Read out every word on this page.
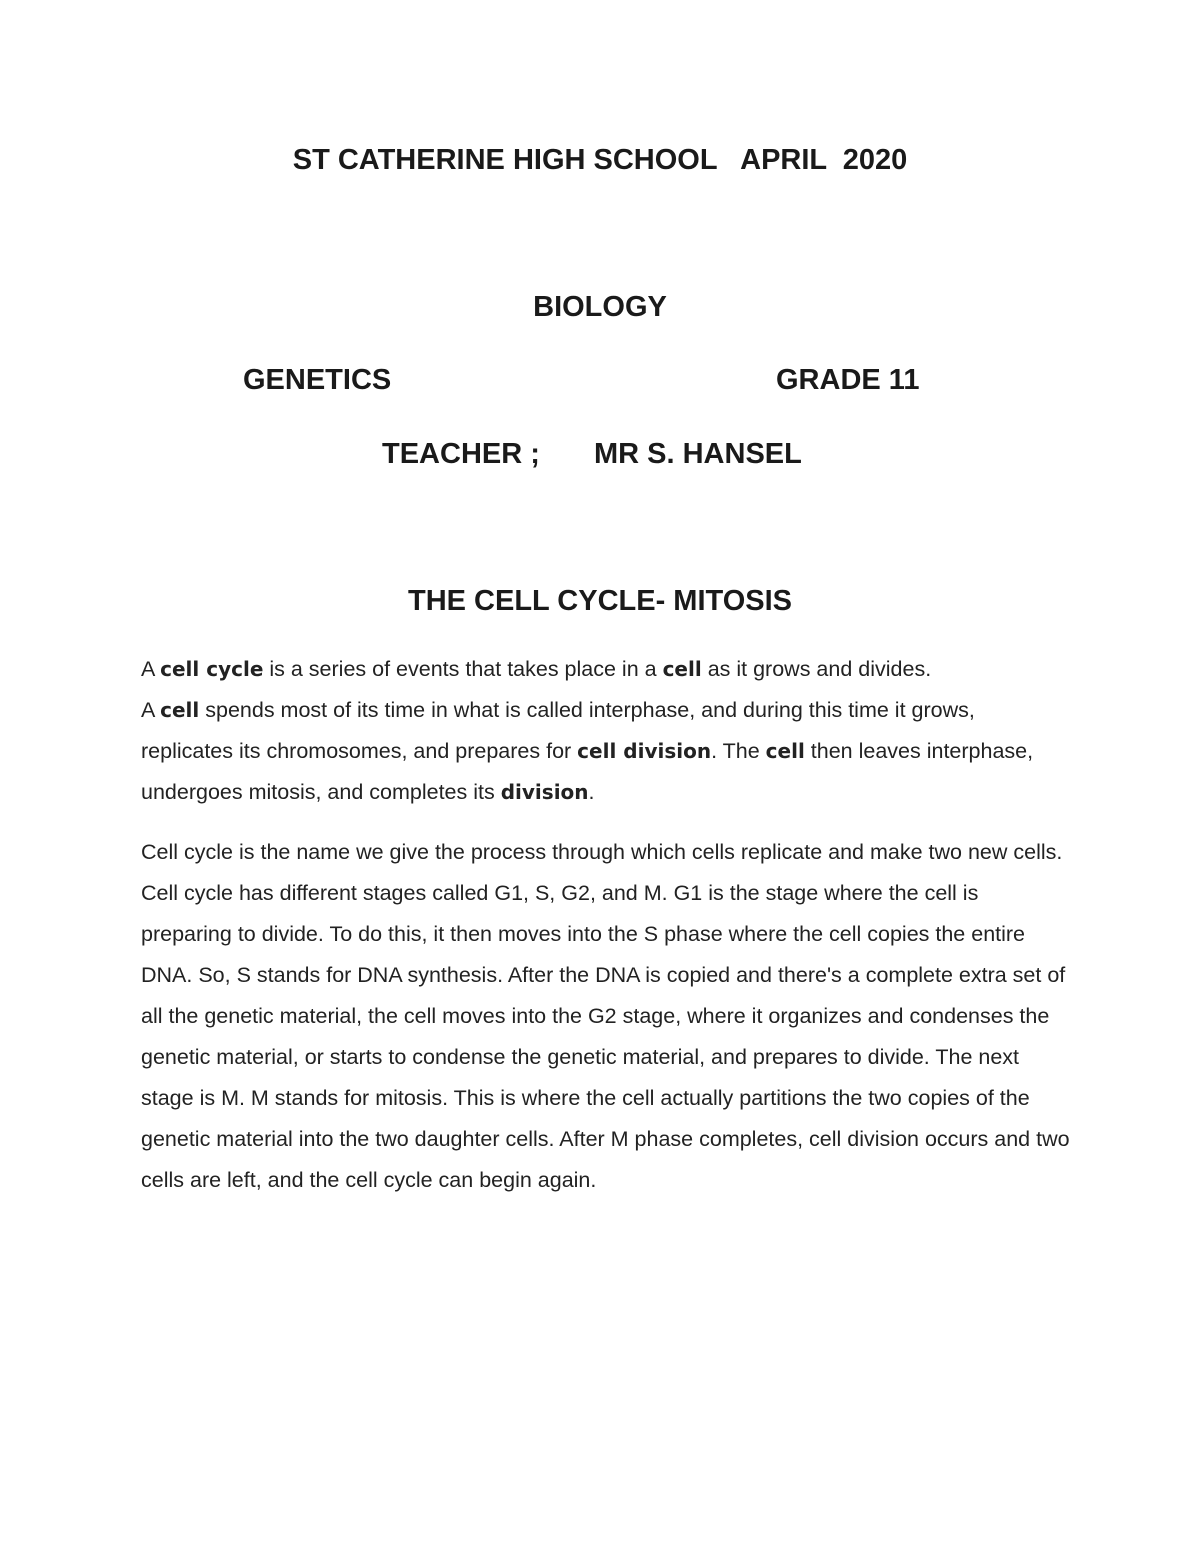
ST CATHERINE HIGH SCHOOL   APRIL  2020
BIOLOGY
GENETICS	GRADE 11
TEACHER ; MR S. HANSEL
THE CELL CYCLE- MITOSIS

A cell cycle is a series of events that takes place in a cell as it grows and divides.

A cell spends most of its time in what is called interphase, and during this time it grows, replicates its chromosomes, and prepares for cell division. The cell then leaves interphase, undergoes mitosis, and completes its division.

Cell cycle is the name we give the process through which cells replicate and make two new cells. Cell cycle has different stages called G1, S, G2, and M. G1 is the stage where the cell is preparing to divide. To do this, it then moves into the S phase where the cell copies the entire DNA. So, S stands for DNA synthesis. After the DNA is copied and there's a complete extra set of all the genetic material, the cell moves into the G2 stage, where it organizes and condenses the genetic material, or starts to condense the genetic material, and prepares to divide. The next stage is M. M stands for mitosis. This is where the cell actually partitions the two copies of the genetic material into the two daughter cells. After M phase completes, cell division occurs and two cells are left, and the cell cycle can begin again.
